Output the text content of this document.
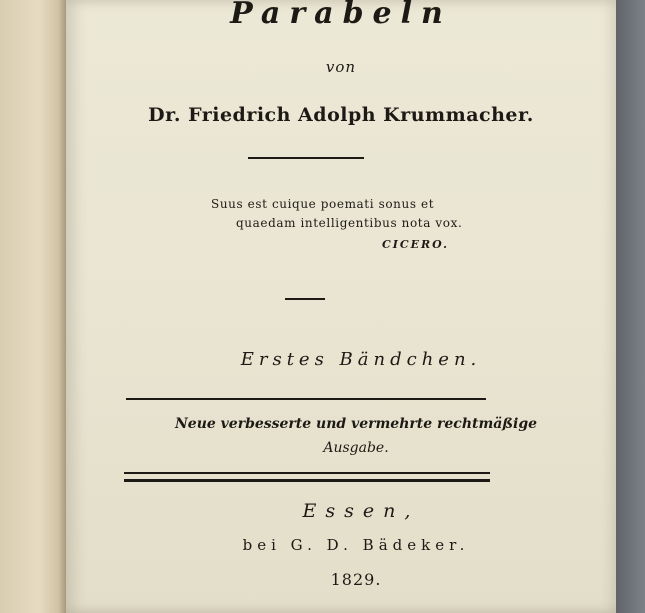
Parabeln
von
Dr. Friedrich Adolph Krummacher.
Suus est cuique poemati sonus et
quaedam intelligentibus nota vox.
CICERO.
Erstes Bändchen.
Neue verbesserte und vermehrte rechtmäßige
Ausgabe.
Essen,
bei G. D. Bädeker.
1829.
